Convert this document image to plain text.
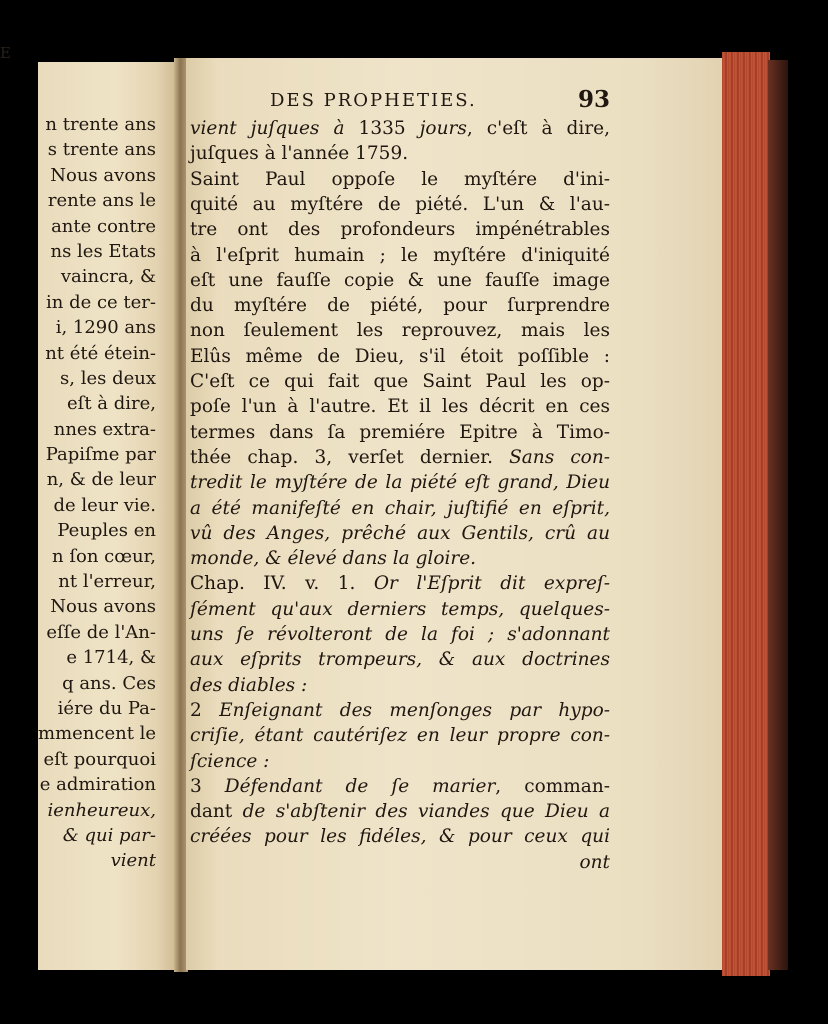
E
n trente ans
s trente ans
Nous avons
rente ans le
ante contre
ns les Etats
vaincra, &
in de ce ter-
i, 1290 ans
nt été étein-
s, les deux
eſt à dire,
nnes extra-
Papiſme par
n, & de leur
de leur vie.
Peuples en
n ſon cœur,
nt l'erreur,
Nous avons
eſſe de l'An-
e 1714, &
q ans. Ces
iére du Pa-
mmencent le
eſt pourquoi
e admiration
ienheureux,
& qui par-
vient
DES PROPHETIES.	93
vient juſques à 1335 jours, c'eſt à dire,
juſques à l'année 1759.
Saint Paul oppoſe le myſtére d'ini-
quité au myſtére de piété. L'un & l'au-
tre ont des profondeurs impénétrables
à l'eſprit humain ; le myſtére d'iniquité
eſt une fauſſe copie & une fauſſe image
du myſtére de piété, pour ſurprendre
non ſeulement les reprouvez, mais les
Elûs même de Dieu, s'il étoit poſſible :
C'eſt ce qui fait que Saint Paul les op-
poſe l'un à l'autre. Et il les décrit en ces
termes dans ſa premiére Epitre à Timo-
thée chap. 3, verſet dernier. Sans con-
tredit le myſtére de la piété eſt grand, Dieu
a été manifeſté en chair, juſtifié en eſprit,
vû des Anges, prêché aux Gentils, crû au
monde, & élevé dans la gloire.
Chap. IV. v. 1. Or l'Eſprit dit expreſ-
ſément qu'aux derniers temps, quelques-
uns ſe révolteront de la foi ; s'adonnant
aux eſprits trompeurs, & aux doctrines
des diables :
2 Enſeignant des menſonges par hypo-
criſie, étant cautériſez en leur propre con-
ſcience :
3 Défendant de ſe marier, comman-
dant de s'abſtenir des viandes que Dieu a
créées pour les fidéles, & pour ceux qui
ont
